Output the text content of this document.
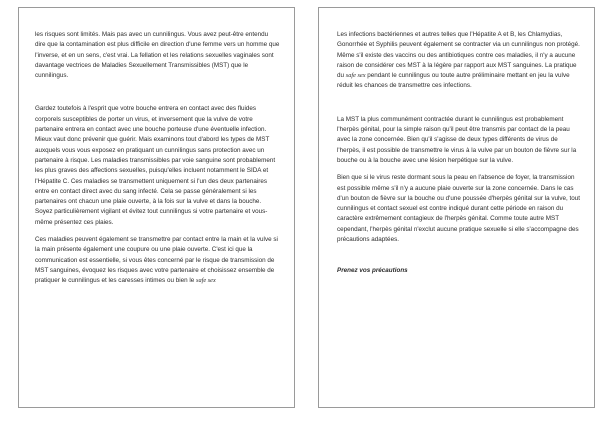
les risques sont limités. Mais pas avec un cunnilingus. Vous avez peut-être entendu dire que la contamination est plus difficile en direction d'une femme vers un homme que l'inverse, et en un sens, c'est vrai. La fellation et les relations sexuelles vaginales sont davantage vectrices de Maladies Sexuellement Transmissibles (MST) que le cunnilingus.

Gardez toutefois à l'esprit que votre bouche entrera en contact avec des fluides corporels susceptibles de porter un virus, et inversement que la vulve de votre partenaire entrera en contact avec une bouche porteuse d'une éventuelle infection. Mieux vaut donc prévenir que guérir. Mais examinons tout d'abord les types de MST auxquels vous vous exposez en pratiquant un cunnilingus sans protection avec un partenaire à risque. Les maladies transmissibles par voie sanguine sont probablement les plus graves des affections sexuelles, puisqu'elles incluent notamment le SIDA et l'Hépatite C. Ces maladies se transmettent uniquement si l'un des deux partenaires entre en contact direct avec du sang infecté. Cela se passe généralement si les partenaires ont chacun une plaie ouverte, à la fois sur la vulve et dans la bouche. Soyez particulièrement vigilant et évitez tout cunnilingus si votre partenaire et vous-même présentez ces plaies.

Ces maladies peuvent également se transmettre par contact entre la main et la vulve si la main présente également une coupure ou une plaie ouverte. C'est ici que la communication est essentielle, si vous êtes concerné par le risque de transmission de MST sanguines, évoquez les risques avec votre partenaire et choisissez ensemble de pratiquer le cunnilingus et les caresses intimes ou bien le safe sex

Les infections bactériennes et autres telles que l'Hépatite A et B, les Chlamydias, Gonorrhée et Syphilis peuvent également se contracter via un cunnilingus non protégé. Même s'il existe des vaccins ou des antibiotiques contre ces maladies, il n'y a aucune raison de considérer ces MST à la légère par rapport aux MST sanguines. La pratique du safe sex pendant le cunnilingus ou toute autre préliminaire mettant en jeu la vulve réduit les chances de transmettre ces infections.

La MST la plus communément contractée durant le cunnilingus est probablement l'herpès génital, pour la simple raison qu'il peut être transmis par contact de la peau avec la zone concernée. Bien qu'il s'agisse de deux types différents de virus de l'herpès, il est possible de transmettre le virus à la vulve par un bouton de fièvre sur la bouche ou à la bouche avec une lésion herpétique sur la vulve.

Bien que si le virus reste dormant sous la peau en l'absence de foyer, la transmission est possible même s'il n'y a aucune plaie ouverte sur la zone concernée. Dans le cas d'un bouton de fièvre sur la bouche ou d'une poussée d'herpès génital sur la vulve, tout cunnilingus et contact sexuel est contre indiqué durant cette période en raison du caractère extrêmement contagieux de l'herpès génital. Comme toute autre MST cependant, l'herpès génital n'exclut aucune pratique sexuelle si elle s'accompagne des précautions adaptées.

Prenez vos précautions
